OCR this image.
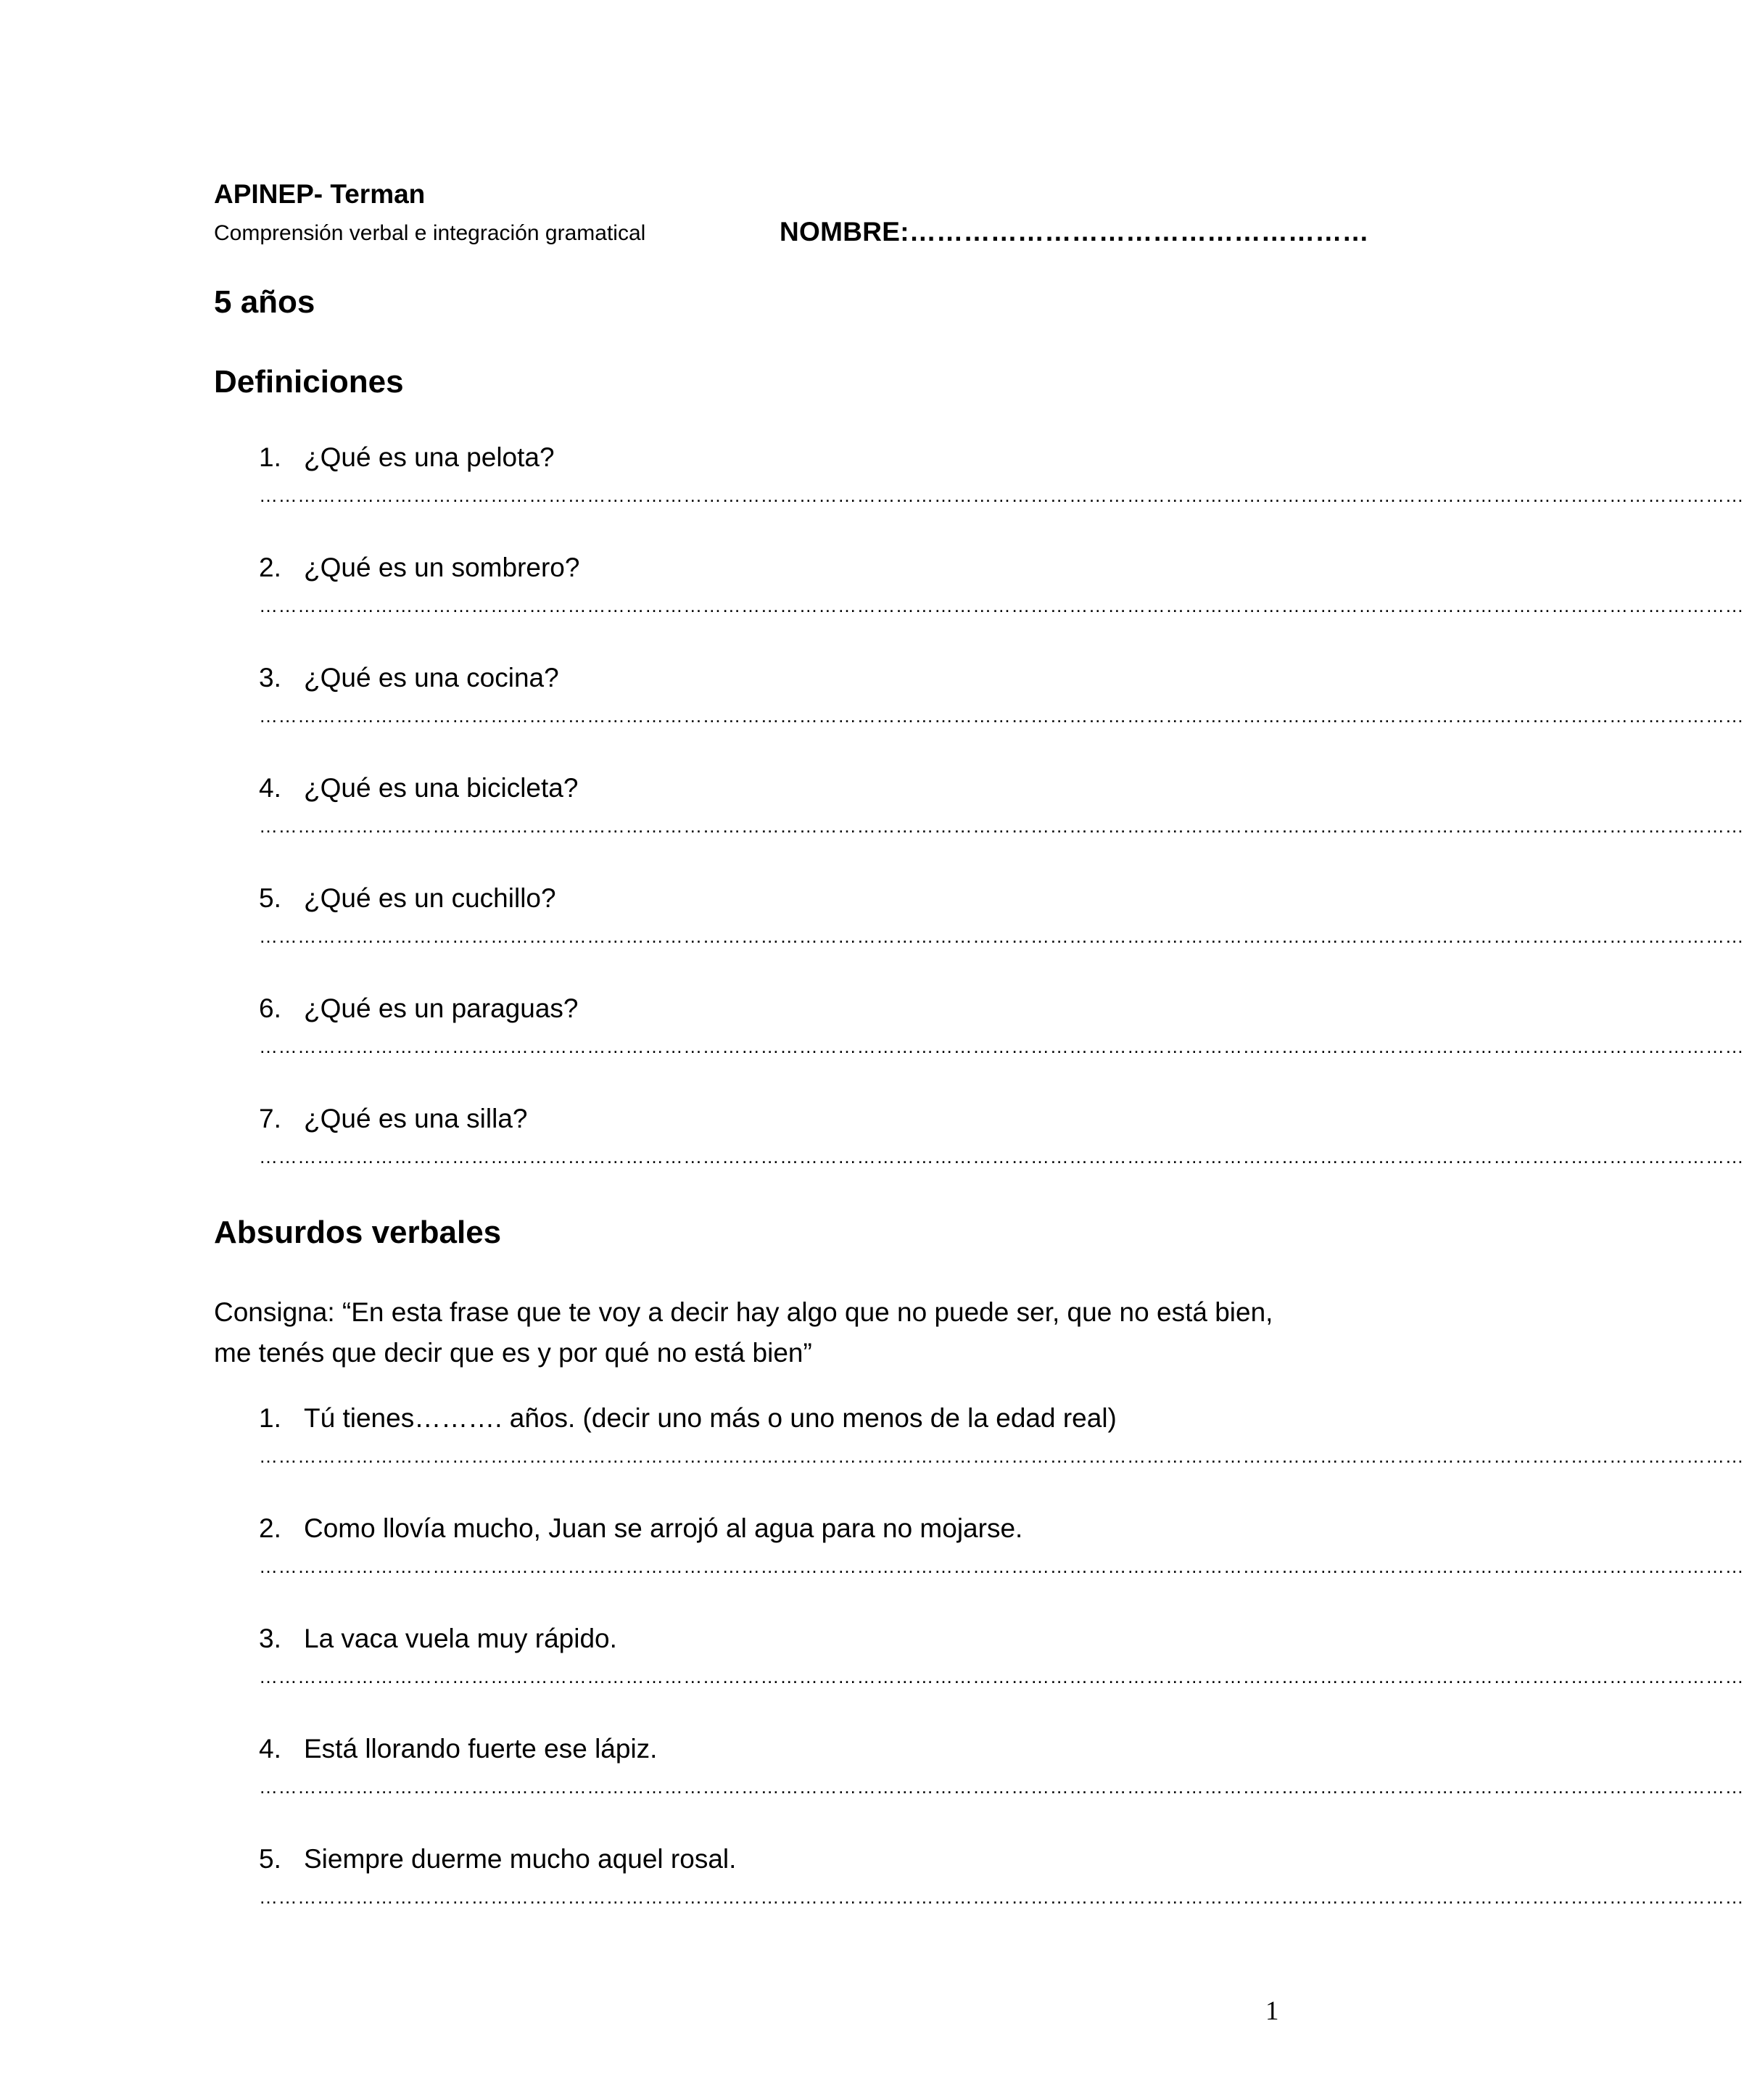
APINEP- Terman
Comprensión verbal e integración gramatical	NOMBRE:……………………………………………
5 años
Definiciones
1. ¿Qué es una pelota?
……………………………………………………………………………………………………………………………………………………………………………………………………………
2. ¿Qué es un sombrero?
……………………………………………………………………………………………………………………………………………………………………………………………………………
3. ¿Qué es una cocina?
……………………………………………………………………………………………………………………………………………………………………………………………………………
4. ¿Qué es una bicicleta?
……………………………………………………………………………………………………………………………………………………………………………………………………………
5. ¿Qué es un cuchillo?
……………………………………………………………………………………………………………………………………………………………………………………………………………
6. ¿Qué es un paraguas?
……………………………………………………………………………………………………………………………………………………………………………………………………………
7. ¿Qué es una silla?
……………………………………………………………………………………………………………………………………………………………………………………………………………
Absurdos verbales
Consigna: “En esta frase que te voy a decir hay algo que no puede ser, que no está bien, me tenés que decir que es y por qué no está bien”
1. Tú tienes………. años. (decir uno más o uno menos de la edad real)
……………………………………………………………………………………………………………………………………………………………………………………………………………
2. Como llovía mucho, Juan se arrojó al agua para no mojarse.
……………………………………………………………………………………………………………………………………………………………………………………………………………
3. La vaca vuela muy rápido.
……………………………………………………………………………………………………………………………………………………………………………………………………………
4. Está llorando fuerte ese lápiz.
……………………………………………………………………………………………………………………………………………………………………………………………………………
5. Siempre duerme mucho aquel rosal.
……………………………………………………………………………………………………………………………………………………………………………………………………………
1
